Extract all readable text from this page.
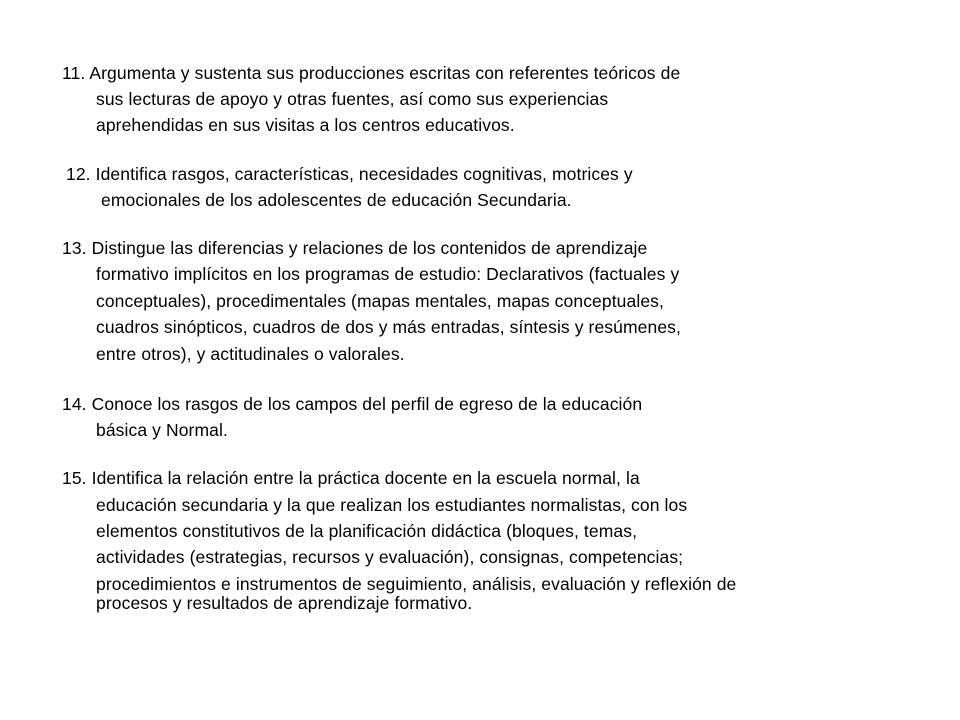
11. Argumenta y sustenta sus producciones escritas con referentes teóricos de
sus lecturas de apoyo y otras fuentes, así como sus experiencias
aprehendidas en sus visitas a los centros educativos.
12. Identifica rasgos, características, necesidades cognitivas, motrices y
emocionales de los adolescentes de educación Secundaria.
13. Distingue las diferencias y relaciones de los contenidos de aprendizaje
formativo implícitos en los programas de estudio: Declarativos (factuales y
conceptuales), procedimentales (mapas mentales, mapas conceptuales,
cuadros sinópticos, cuadros de dos y más entradas, síntesis y resúmenes,
entre otros), y actitudinales o valorales.
14. Conoce los rasgos de los campos del perfil de egreso de la educación
básica y Normal.
15. Identifica la relación entre la práctica docente en la escuela normal, la
educación secundaria y la que realizan los estudiantes normalistas, con los
elementos constitutivos de la planificación didáctica (bloques, temas,
actividades (estrategias, recursos y evaluación), consignas, competencias;
procedimientos e instrumentos de seguimiento, análisis, evaluación y reflexión de
procesos y resultados de aprendizaje formativo.
